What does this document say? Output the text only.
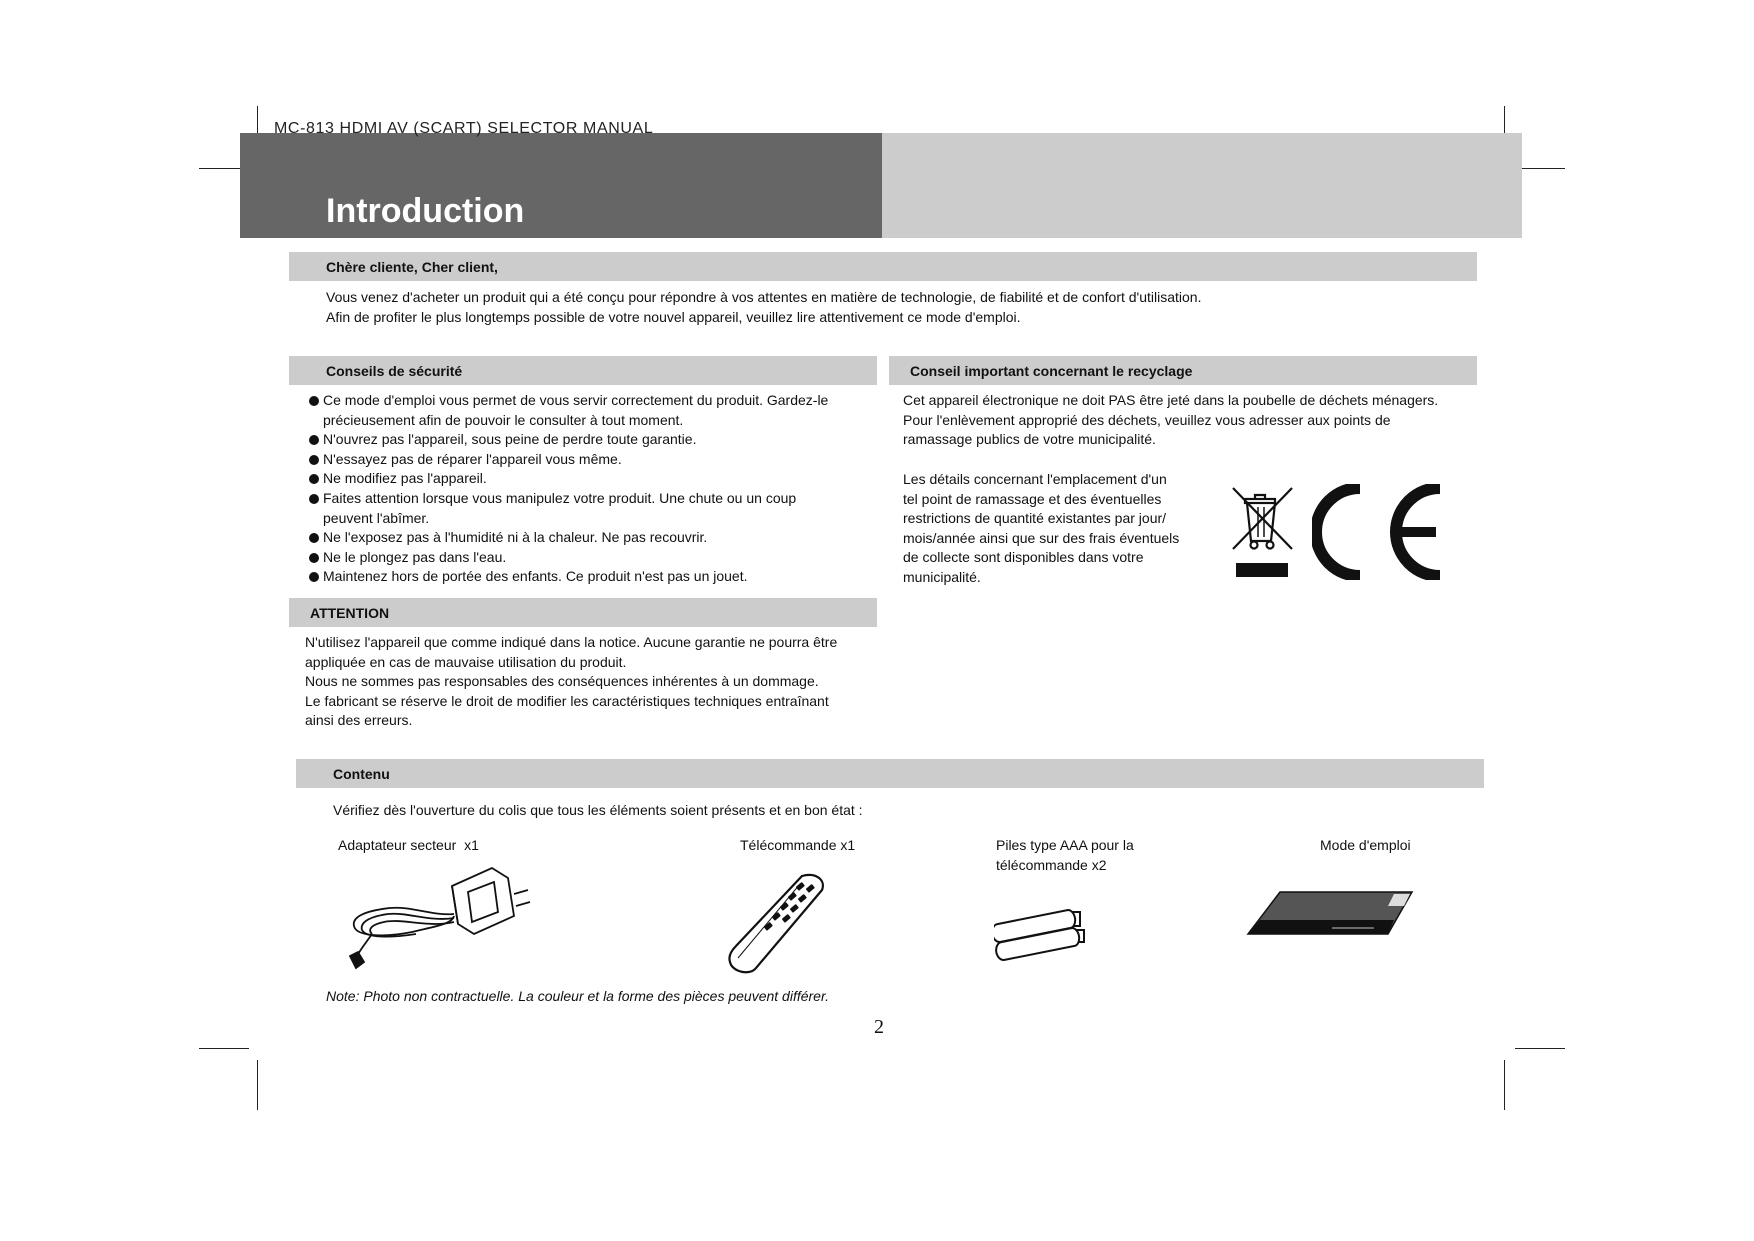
MC-813 HDMI AV (SCART) SELECTOR MANUAL
Introduction
Chère cliente, Cher client,

Vous venez d'acheter un produit qui a été conçu pour répondre à vos attentes en matière de technologie, de fiabilité et de confort d'utilisation.

Afin de profiter le plus longtemps possible de votre nouvel appareil, veuillez lire attentivement ce mode d'emploi.

Conseils de sécurité
Ce mode d'emploi vous permet de vous servir correctement du produit. Gardez-le
précieusement afin de pouvoir le consulter à tout moment.
N'ouvrez pas l'appareil, sous peine de perdre toute garantie.
N'essayez pas de réparer l'appareil vous même.
Ne modifiez pas l'appareil.
Faites attention lorsque vous manipulez votre produit. Une chute ou un coup
peuvent l'abîmer.
Ne l'exposez pas à l'humidité ni à la chaleur. Ne pas recouvrir.
Ne le plongez pas dans l'eau.
Maintenez hors de portée des enfants. Ce produit n'est pas un jouet.
ATTENTION

N'utilisez l'appareil que comme indiqué dans la notice. Aucune garantie ne pourra être

appliquée en cas de mauvaise utilisation du produit.

Nous ne sommes pas responsables des conséquences inhérentes à un dommage.

Le fabricant se réserve le droit de modifier les caractéristiques techniques entraînant

ainsi des erreurs.

Conseil important concernant le recyclage

Cet appareil électronique ne doit PAS être jeté dans la poubelle de déchets ménagers.

Pour l'enlèvement approprié des déchets, veuillez vous adresser aux points de

ramassage publics de votre municipalité.

Les détails concernant l'emplacement d'un

tel point de ramassage et des éventuelles

restrictions de quantité existantes par jour/

mois/année ainsi que sur des frais éventuels

de collecte sont disponibles dans votre

municipalité.

Contenu
Vérifiez dès l'ouverture du colis que tous les éléments soient présents et en bon état :
Adaptateur secteur  x1	Télécommande x1	Piles type AAA pour la
télécommande x2
Mode d'emploi
Note: Photo non contractuelle. La couleur et la forme des pièces peuvent différer.
2
